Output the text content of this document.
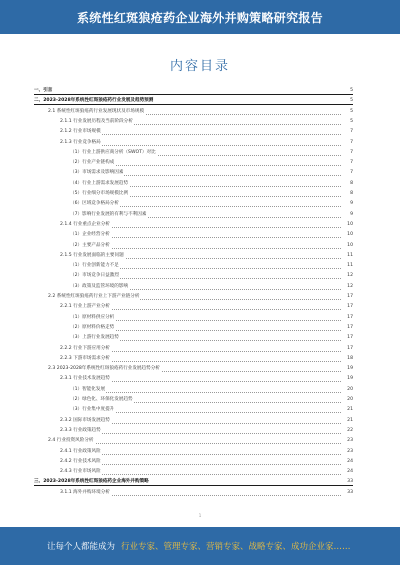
系统性红斑狼疮药企业海外并购策略研究报告
内容目录
一、引言	5
二、2023-2028年系统性红斑狼疮药行业发展及趋势预测	5
2.1 系统性红斑狼疮药行业发展现状及市场规模	5
2.1.1 行业发展历程及当前阶段分析	5
2.1.2 行业市场规模	7
2.1.3 行业竞争格局	7
（1）行业上游供应商分析（SWOT）对比	7
（2）行业产业链构成	7
（3）市场需求及影响因素	7
（4）行业上游需求发展趋势	8
（5）行业细分市场规模比例	8
（6）区域竞争格局分析	9
（7）影响行业发展的有利与不利因素	9
2.1.4 行业重点企业分析	10
（1）企业经营分析	10
（2）主要产品分析	10
2.1.5 行业发展面临的主要问题	11
（1）行业创新能力不足	11
（2）市场竞争日益激烈	12
（3）政策及监管环境的影响	12
2.2 系统性红斑狼疮药行业上下游产业链分析	17
2.2.1 行业上游产业分析	17
（1）原材料供应分析	17
（2）原材料价格走势	17
（3）上游行业发展趋势	17
2.2.2 行业下游应用分析	17
2.2.3 下游市场需求分析	18
2.3 2023-2028年系统性红斑狼疮药行业发展趋势分析	19
2.3.1 行业技术发展趋势	19
（1）智能化发展	20
（2）绿色化、环保化发展趋势	20
（3）行业集中度提升	21
2.3.2 国际市场发展趋势	21
2.3.3 行业政策趋势	22
2.4 行业投资风险分析	23
2.4.1 行业政策风险	23
2.4.2 行业技术风险	24
2.4.3 行业市场风险	24
三、2023-2028年系统性红斑狼疮药企业海外并购策略	33
3.1.1 海外并购环境分析	33
1
让每个人都能成为 行业专家、管理专家、营销专家、战略专家、成功企业家……
